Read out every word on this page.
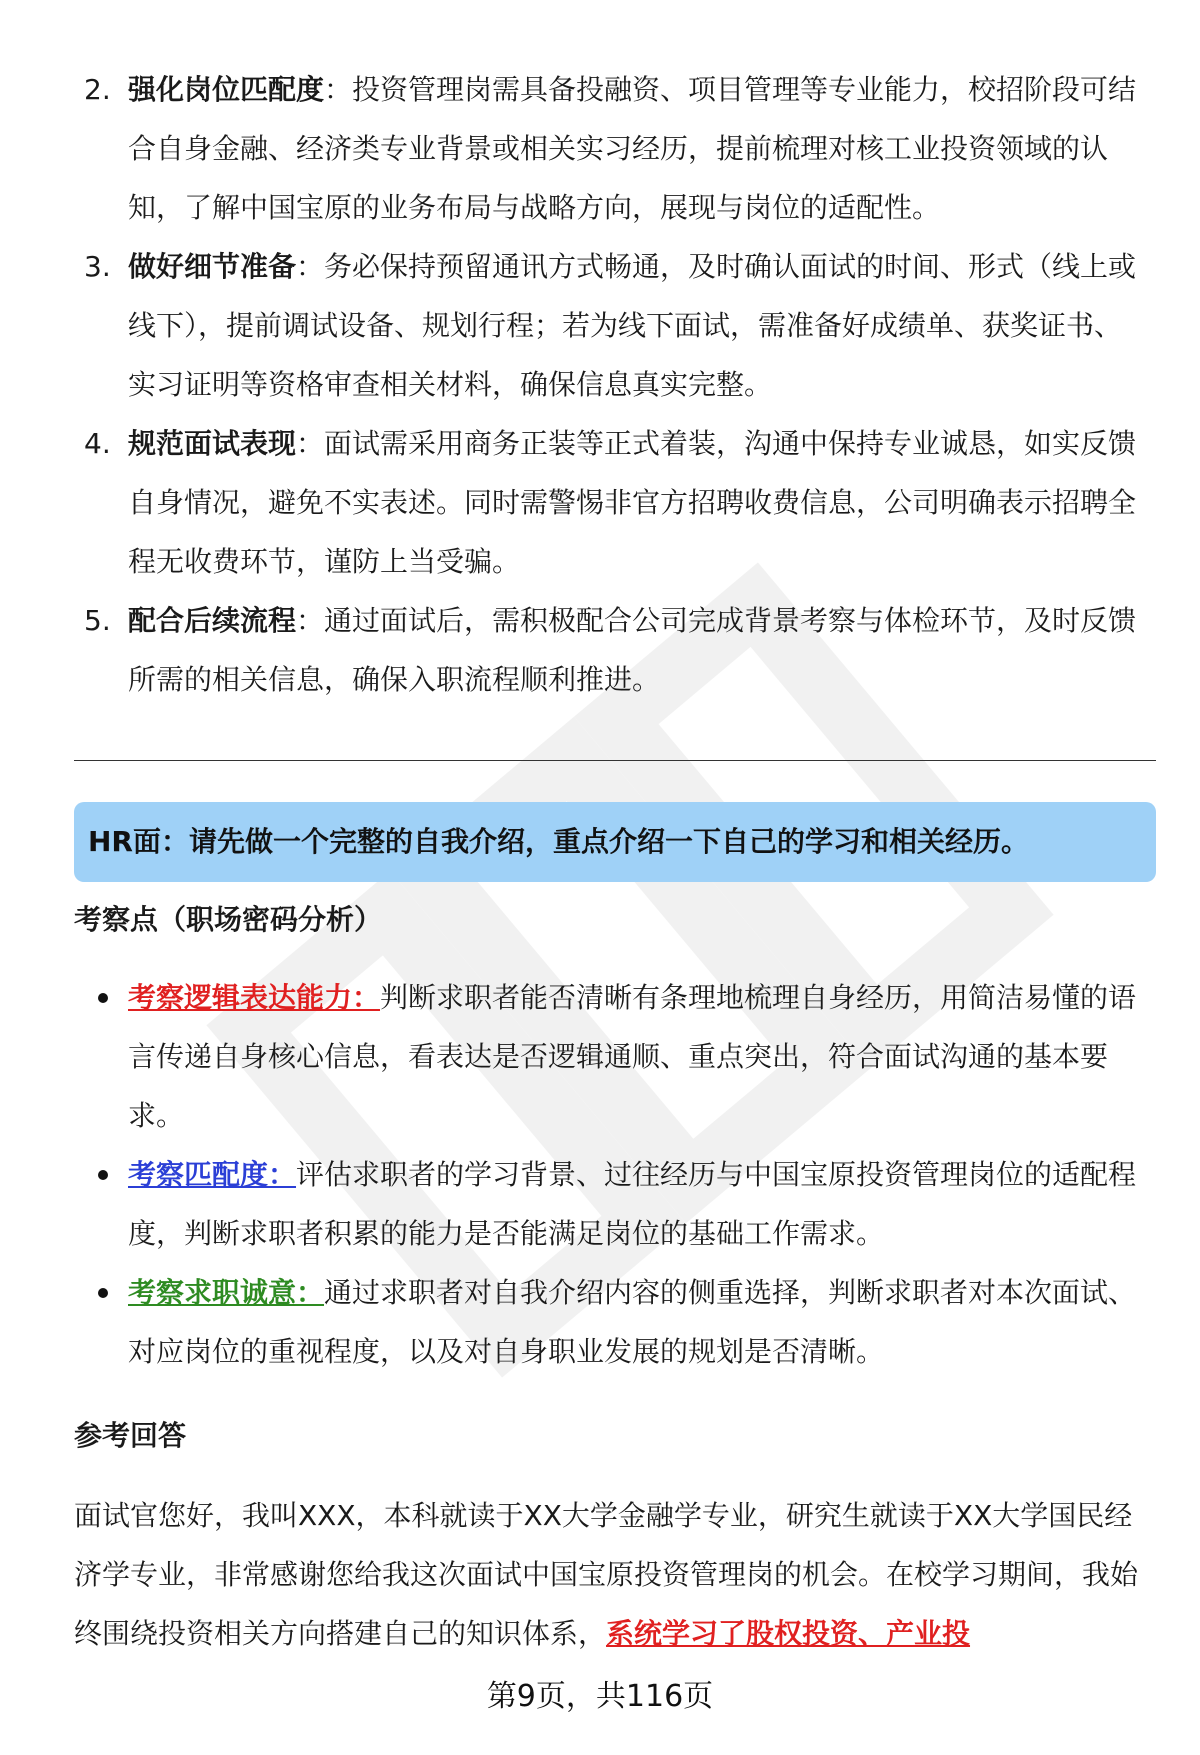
2. 强化岗位匹配度：投资管理岗需具备投融资、项目管理等专业能力，校招阶段可结合自身金融、经济类专业背景或相关实习经历，提前梳理对核工业投资领域的认知，了解中国宝原的业务布局与战略方向，展现与岗位的适配性。
3. 做好细节准备：务必保持预留通讯方式畅通，及时确认面试的时间、形式（线上或线下），提前调试设备、规划行程；若为线下面试，需准备好成绩单、获奖证书、实习证明等资格审查相关材料，确保信息真实完整。
4. 规范面试表现：面试需采用商务正装等正式着装，沟通中保持专业诚恳，如实反馈自身情况，避免不实表述。同时需警惕非官方招聘收费信息，公司明确表示招聘全程无收费环节，谨防上当受骗。
5. 配合后续流程：通过面试后，需积极配合公司完成背景考察与体检环节，及时反馈所需的相关信息，确保入职流程顺利推进。
HR面：请先做一个完整的自我介绍，重点介绍一下自己的学习和相关经历。
考察点（职场密码分析）
考察逻辑表达能力：判断求职者能否清晰有条理地梳理自身经历，用简洁易懂的语言传递自身核心信息，看表达是否逻辑通顺、重点突出，符合面试沟通的基本要求。
考察匹配度：评估求职者的学习背景、过往经历与中国宝原投资管理岗位的适配程度，判断求职者积累的能力是否能满足岗位的基础工作需求。
考察求职诚意：通过求职者对自我介绍内容的侧重选择，判断求职者对本次面试、对应岗位的重视程度，以及对自身职业发展的规划是否清晰。
参考回答
面试官您好，我叫XXX，本科就读于XX大学金融学专业，研究生就读于XX大学国民经济学专业，非常感谢您给我这次面试中国宝原投资管理岗的机会。在校学习期间，我始终围绕投资相关方向搭建自己的知识体系，系统学习了股权投资、产业投
第9页，共116页
